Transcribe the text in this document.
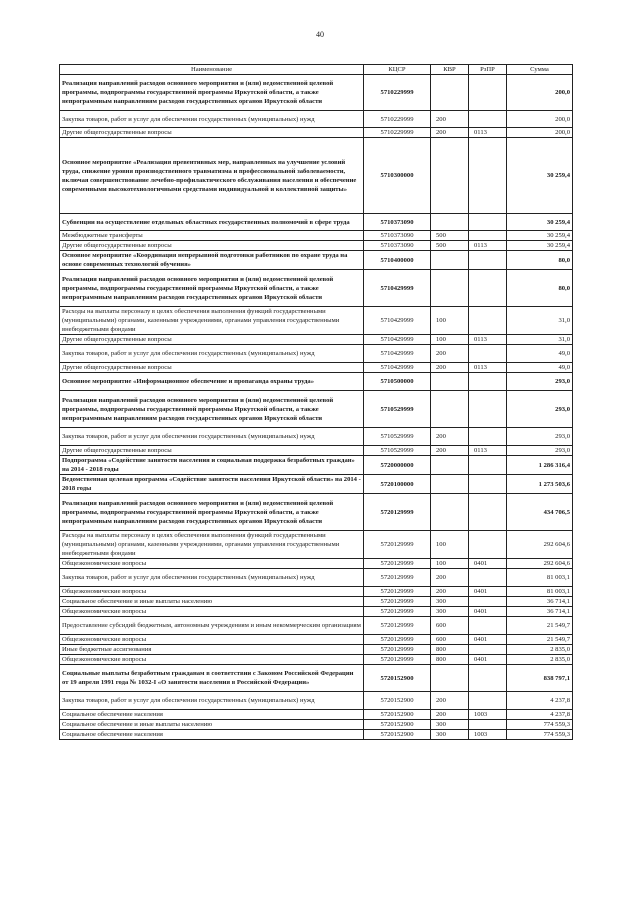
40
Наименование	КЦСР	КВР	РзПР	Сумма
Реализация направлений расходов основного мероприятия и (или) ведомственной целевой программы, подпрограммы государственной программы Иркутской области, а также непрограммным направлениям расходов государственных органов Иркутской области	5710229999			200,0
Закупка товаров, работ и услуг для обеспечения государственных (муниципальных) нужд	5710229999	200		200,0
Другие общегосударственные вопросы	5710229999	200	0113	200,0
Основное мероприятие «Реализация превентивных мер, направленных на улучшение условий труда, снижение уровня производственного травматизма и профессиональной заболеваемости, включая совершенствование лечебно-профилактического обслуживания населения и обеспечение современными высокотехнологичными средствами индивидуальной и коллективной защиты»	5710300000			30 259,4
Субвенции на осуществление отдельных областных государственных полномочий в сфере труда	5710373090			30 259,4
Межбюджетные трансферты	5710373090	500		30 259,4
Другие общегосударственные вопросы	5710373090	500	0113	30 259,4
Основное мероприятие «Координация непрерывной подготовки работников по охране труда на основе современных технологий обучения»	5710400000			80,0
Реализация направлений расходов основного мероприятия и (или) ведомственной целевой программы, подпрограммы государственной программы Иркутской области, а также непрограммным направлениям расходов государственных органов Иркутской области	5710429999			80,0
Расходы на выплаты персоналу в целях обеспечения выполнения функций государственными (муниципальными) органами, казенными учреждениями, органами управления государственными внебюджетными фондами	5710429999	100		31,0
Другие общегосударственные вопросы	5710429999	100	0113	31,0
Закупка товаров, работ и услуг для обеспечения государственных (муниципальных) нужд	5710429999	200		49,0
Другие общегосударственные вопросы	5710429999	200	0113	49,0
Основное мероприятие «Информационное обеспечение и пропаганда охраны труда»	5710500000			293,0
Реализация направлений расходов основного мероприятия и (или) ведомственной целевой программы, подпрограммы государственной программы Иркутской области, а также непрограммным направлениям расходов государственных органов Иркутской области	5710529999			293,0
Закупка товаров, работ и услуг для обеспечения государственных (муниципальных) нужд	5710529999	200		293,0
Другие общегосударственные вопросы	5710529999	200	0113	293,0
Подпрограмма «Содействие занятости населения и социальная поддержка безработных граждан» на 2014 - 2018 годы	5720000000			1 286 316,4
Ведомственная целевая программа «Содействие занятости населения Иркутской области» на 2014 - 2018 годы	5720100000			1 273 503,6
Реализация направлений расходов основного мероприятия и (или) ведомственной целевой программы, подпрограммы государственной программы Иркутской области, а также непрограммным направлениям расходов государственных органов Иркутской области	5720129999			434 706,5
Расходы на выплаты персоналу в целях обеспечения выполнения функций государственными (муниципальными) органами, казенными учреждениями, органами управления государственными внебюджетными фондами	5720129999	100		292 604,6
Общеэкономические вопросы	5720129999	100	0401	292 604,6
Закупка товаров, работ и услуг для обеспечения государственных (муниципальных) нужд	5720129999	200		81 003,1
Общеэкономические вопросы	5720129999	200	0401	81 003,1
Социальное обеспечение и иные выплаты населению	5720129999	300		36 714,1
Общеэкономические вопросы	5720129999	300	0401	36 714,1
Предоставление субсидий бюджетным, автономным учреждениям и иным некоммерческим организациям	5720129999	600		21 549,7
Общеэкономические вопросы	5720129999	600	0401	21 549,7
Иные бюджетные ассигнования	5720129999	800		2 835,0
Общеэкономические вопросы	5720129999	800	0401	2 835,0
Социальные выплаты безработным гражданам в соответствии с Законом Российской Федерации от 19 апреля 1991 года № 1032-I «О занятости населения в Российской Федерации»	5720152900			838 797,1
Закупка товаров, работ и услуг для обеспечения государственных (муниципальных) нужд	5720152900	200		4 237,8
Социальное обеспечение населения	5720152900	200	1003	4 237,8
Социальное обеспечение и иные выплаты населению	5720152900	300		774 559,3
Социальное обеспечение населения	5720152900	300	1003	774 559,3
